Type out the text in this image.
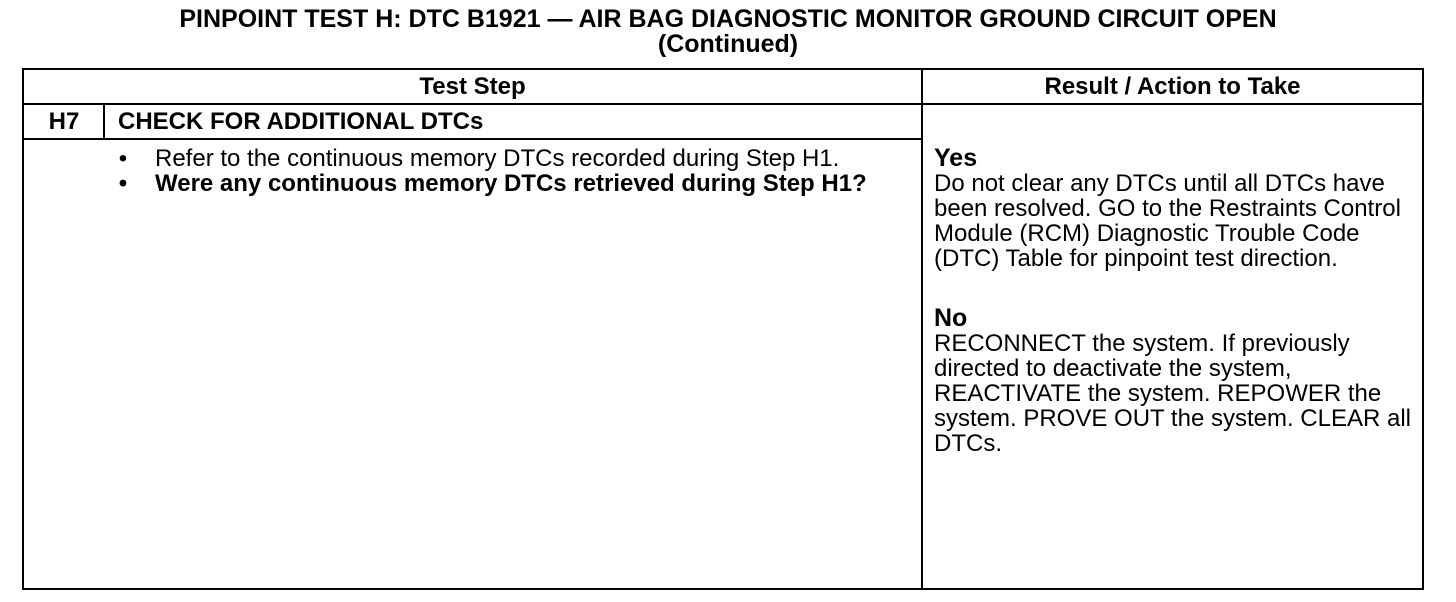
PINPOINT TEST H: DTC B1921 — AIR BAG DIAGNOSTIC MONITOR GROUND CIRCUIT OPEN
(Continued)
Test Step	Result / Action to Take
H7	CHECK FOR ADDITIONAL DTCs
• Refer to the continuous memory DTCs recorded during Step H1.
• Were any continuous memory DTCs retrieved during Step H1?

Yes

Do not clear any DTCs until all DTCs have been resolved. GO to the Restraints Control Module (RCM) Diagnostic Trouble Code (DTC) Table for pinpoint test direction.

No

RECONNECT the system. If previously directed to deactivate the system, REACTIVATE the system. REPOWER the system. PROVE OUT the system. CLEAR all DTCs.
